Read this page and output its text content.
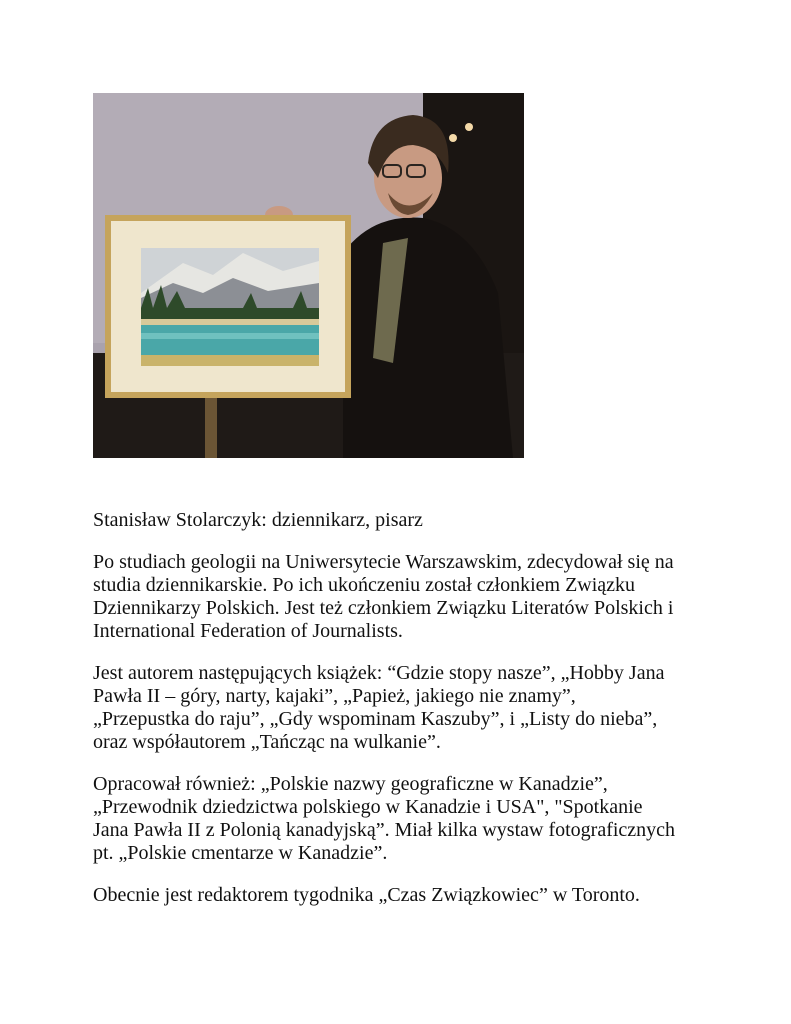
Stanisław Stolarczyk: dziennikarz, pisarz
Po studiach geologii na Uniwersytecie Warszawskim, zdecydował się na
studia dziennikarskie. Po ich ukończeniu został członkiem Związku
Dziennikarzy Polskich. Jest też członkiem Związku Literatów Polskich i
International Federation of Journalists.
Jest autorem następujących książek: “Gdzie stopy nasze”, „Hobby Jana
Pawła II – góry, narty, kajaki”, „Papież, jakiego nie znamy”,
„Przepustka do raju”, „Gdy wspominam Kaszuby”, i „Listy do nieba”,
oraz współautorem „Tańcząc na wulkanie”.
Opracował również: „Polskie nazwy geograficzne w Kanadzie”,
„Przewodnik dziedzictwa polskiego w Kanadzie i USA", "Spotkanie
Jana Pawła II z Polonią kanadyjską”. Miał kilka wystaw fotograficznych
pt. „Polskie cmentarze w Kanadzie”.
Obecnie jest redaktorem tygodnika „Czas Związkowiec” w Toronto.
